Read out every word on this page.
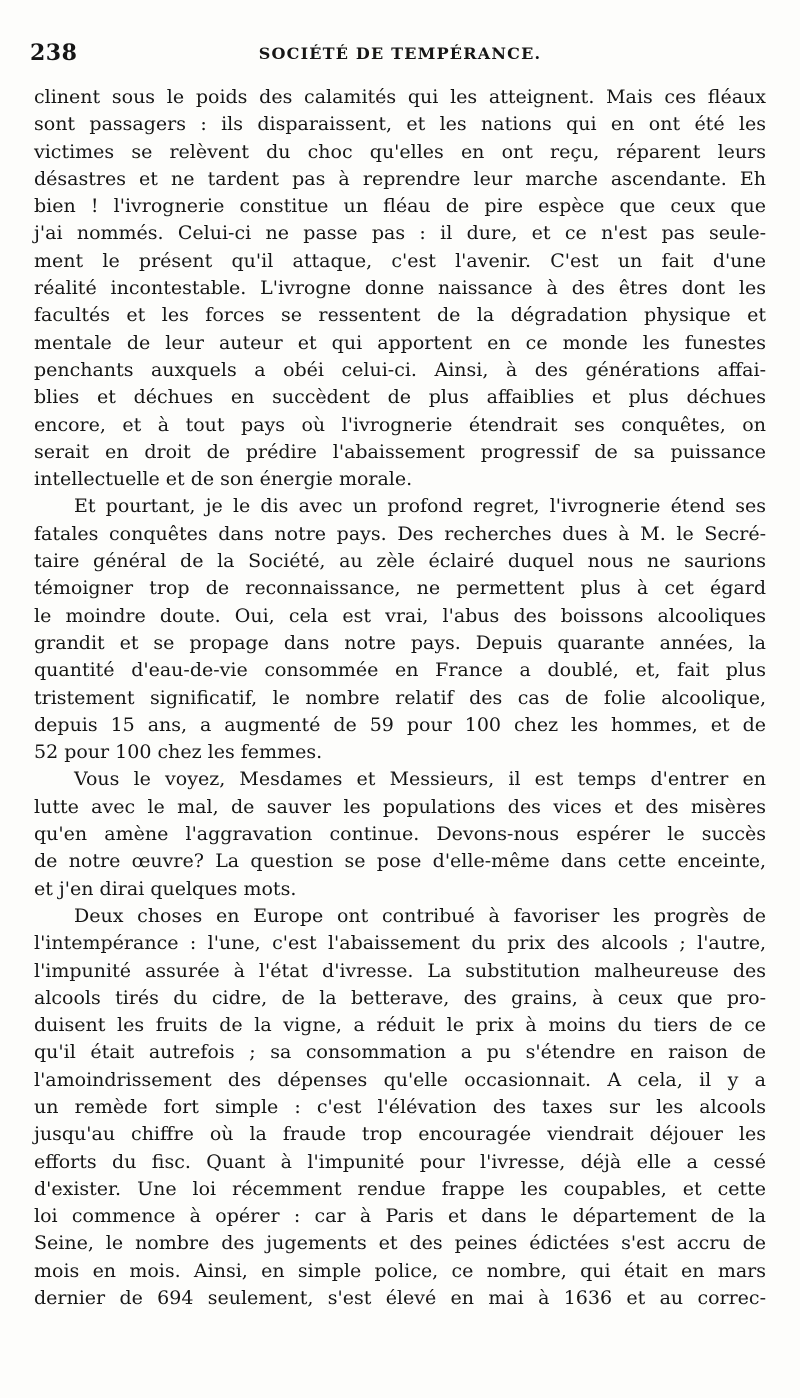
238	SOCIÉTÉ DE TEMPÉRANCE.
clinent sous le poids des calamités qui les atteignent. Mais ces fléaux
sont passagers : ils disparaissent, et les nations qui en ont été les
victimes se relèvent du choc qu'elles en ont reçu, réparent leurs
désastres et ne tardent pas à reprendre leur marche ascendante. Eh
bien ! l'ivrognerie constitue un fléau de pire espèce que ceux que
j'ai nommés. Celui-ci ne passe pas : il dure, et ce n'est pas seule-
ment le présent qu'il attaque, c'est l'avenir. C'est un fait d'une
réalité incontestable. L'ivrogne donne naissance à des êtres dont les
facultés et les forces se ressentent de la dégradation physique et
mentale de leur auteur et qui apportent en ce monde les funestes
penchants auxquels a obéi celui-ci. Ainsi, à des générations affai-
blies et déchues en succèdent de plus affaiblies et plus déchues
encore, et à tout pays où l'ivrognerie étendrait ses conquêtes, on
serait en droit de prédire l'abaissement progressif de sa puissance
intellectuelle et de son énergie morale.
Et pourtant, je le dis avec un profond regret, l'ivrognerie étend ses
fatales conquêtes dans notre pays. Des recherches dues à M. le Secré-
taire général de la Société, au zèle éclairé duquel nous ne saurions
témoigner trop de reconnaissance, ne permettent plus à cet égard
le moindre doute. Oui, cela est vrai, l'abus des boissons alcooliques
grandit et se propage dans notre pays. Depuis quarante années, la
quantité d'eau-de-vie consommée en France a doublé, et, fait plus
tristement significatif, le nombre relatif des cas de folie alcoolique,
depuis 15 ans, a augmenté de 59 pour 100 chez les hommes, et de
52 pour 100 chez les femmes.
Vous le voyez, Mesdames et Messieurs, il est temps d'entrer en
lutte avec le mal, de sauver les populations des vices et des misères
qu'en amène l'aggravation continue. Devons-nous espérer le succès
de notre œuvre? La question se pose d'elle-même dans cette enceinte,
et j'en dirai quelques mots.
Deux choses en Europe ont contribué à favoriser les progrès de
l'intempérance : l'une, c'est l'abaissement du prix des alcools ; l'autre,
l'impunité assurée à l'état d'ivresse. La substitution malheureuse des
alcools tirés du cidre, de la betterave, des grains, à ceux que pro-
duisent les fruits de la vigne, a réduit le prix à moins du tiers de ce
qu'il était autrefois ; sa consommation a pu s'étendre en raison de
l'amoindrissement des dépenses qu'elle occasionnait. A cela, il y a
un remède fort simple : c'est l'élévation des taxes sur les alcools
jusqu'au chiffre où la fraude trop encouragée viendrait déjouer les
efforts du fisc. Quant à l'impunité pour l'ivresse, déjà elle a cessé
d'exister. Une loi récemment rendue frappe les coupables, et cette
loi commence à opérer : car à Paris et dans le département de la
Seine, le nombre des jugements et des peines édictées s'est accru de
mois en mois. Ainsi, en simple police, ce nombre, qui était en mars
dernier de 694 seulement, s'est élevé en mai à 1636 et au correc-
